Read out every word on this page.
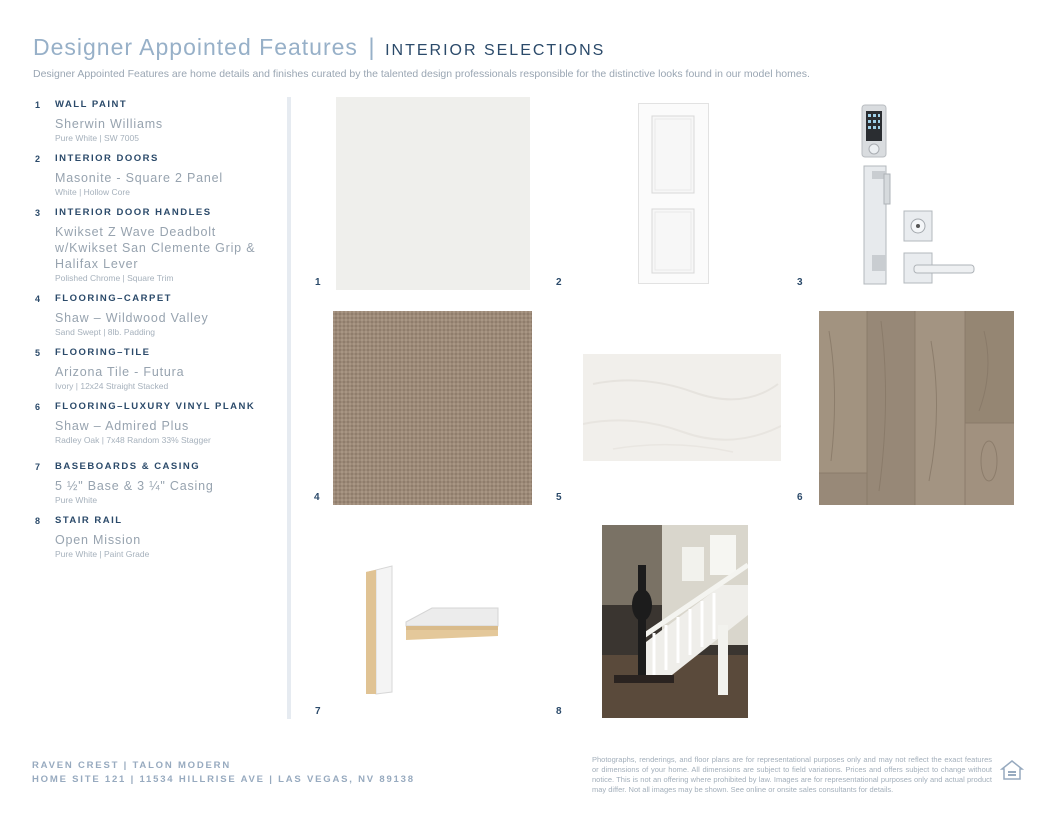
Designer Appointed Features | INTERIOR SELECTIONS
Designer Appointed Features are home details and finishes curated by the talented design professionals responsible for the distinctive looks found in our model homes.
1 WALL PAINT
Sherwin Williams
Pure White | SW 7005
2 INTERIOR DOORS
Masonite - Square 2 Panel
White | Hollow Core
3 INTERIOR DOOR HANDLES
Kwikset Z Wave Deadbolt w/Kwikset San Clemente Grip & Halifax Lever
Polished Chrome | Square Trim
4 FLOORING–CARPET
Shaw – Wildwood Valley
Sand Swept | 8lb. Padding
5 FLOORING–TILE
Arizona Tile - Futura
Ivory | 12x24 Straight Stacked
6 FLOORING–LUXURY VINYL PLANK
Shaw – Admired Plus
Radley Oak | 7x48 Random 33% Stagger
7 BASEBOARDS & CASING
5 ½" Base & 3 ¼" Casing
Pure White
8 STAIR RAIL
Open Mission
Pure White | Paint Grade
1	2	3
4	5	6
7	8
RAVEN CREST | TALON MODERN
HOME SITE 121 | 11534 HILLRISE AVE | LAS VEGAS, NV 89138
Photographs, renderings, and floor plans are for representational purposes only and may not reflect the exact features or dimensions of your home. All dimensions are subject to field variations. Prices and offers subject to change without notice. This is not an offering where prohibited by law. Images are for representational purposes only and actual product may differ. Not all images may be shown. See online or onsite sales consultants for details.
